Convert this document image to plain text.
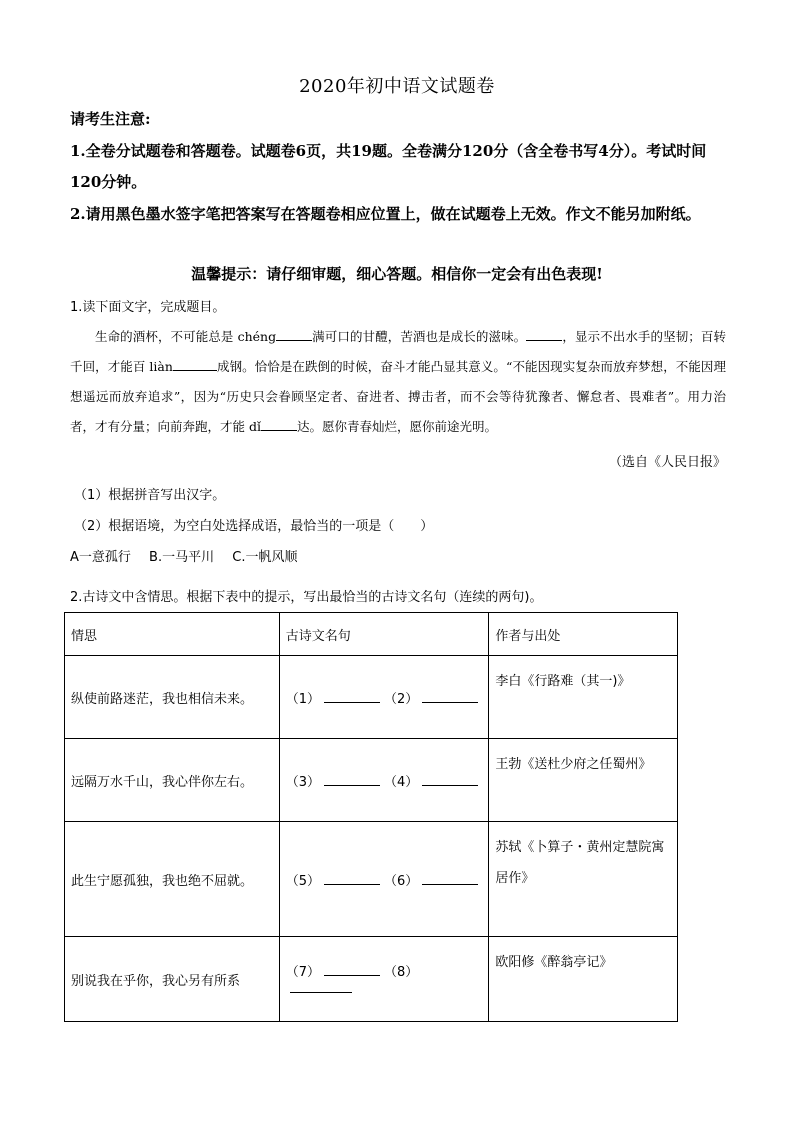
2020年初中语文试题卷
请考生注意:
1.全卷分试题卷和答题卷。试题卷6页，共19题。全卷满分120分（含全卷书写4分）。考试时间120分钟。
2.请用黑色墨水签字笔把答案写在答题卷相应位置上，做在试题卷上无效。作文不能另加附纸。
温馨提示：请仔细审题，细心答题。相信你一定会有出色表现!
1.读下面文字，完成题目。
生命的酒杯，不可能总是 chéng	满可口的甘醴，苦酒也是成长的滋味。	，显示不出水手的坚韧；百转千回，才能百 liàn	成钢。恰恰是在跌倒的时候，奋斗才能凸显其意义。“不能因现实复杂而放弃梦想，不能因理想遥远而放弃追求”，因为“历史只会眷顾坚定者、奋进者、搏击者，而不会等待犹豫者、懈怠者、畏难者”。用力治者，才有分量；向前奔跑，才能 dǐ	达。愿你青春灿烂，愿你前途光明。
（选自《人民日报》
（1）根据拼音写出汉字。
（2）根据语境，为空白处选择成语，最恰当的一项是（　　）
A一意孤行 B.一马平川 C.一帆风顺
2.古诗文中含情思。根据下表中的提示，写出最恰当的古诗文名句（连续的两句)。
情思	古诗文名句	作者与出处
纵使前路迷茫，我也相信未来。	（1） （2）	李白《行路难（其一)》
远隔万水千山，我心伴你左右。	（3） （4）	王勃《送杜少府之任蜀州》
此生宁愿孤独，我也绝不屈就。	（5） （6）	苏轼《卜算子・黄州定慧院寓居作》
别说我在乎你，我心另有所系	（7） （8）	欧阳修《醉翁亭记》
